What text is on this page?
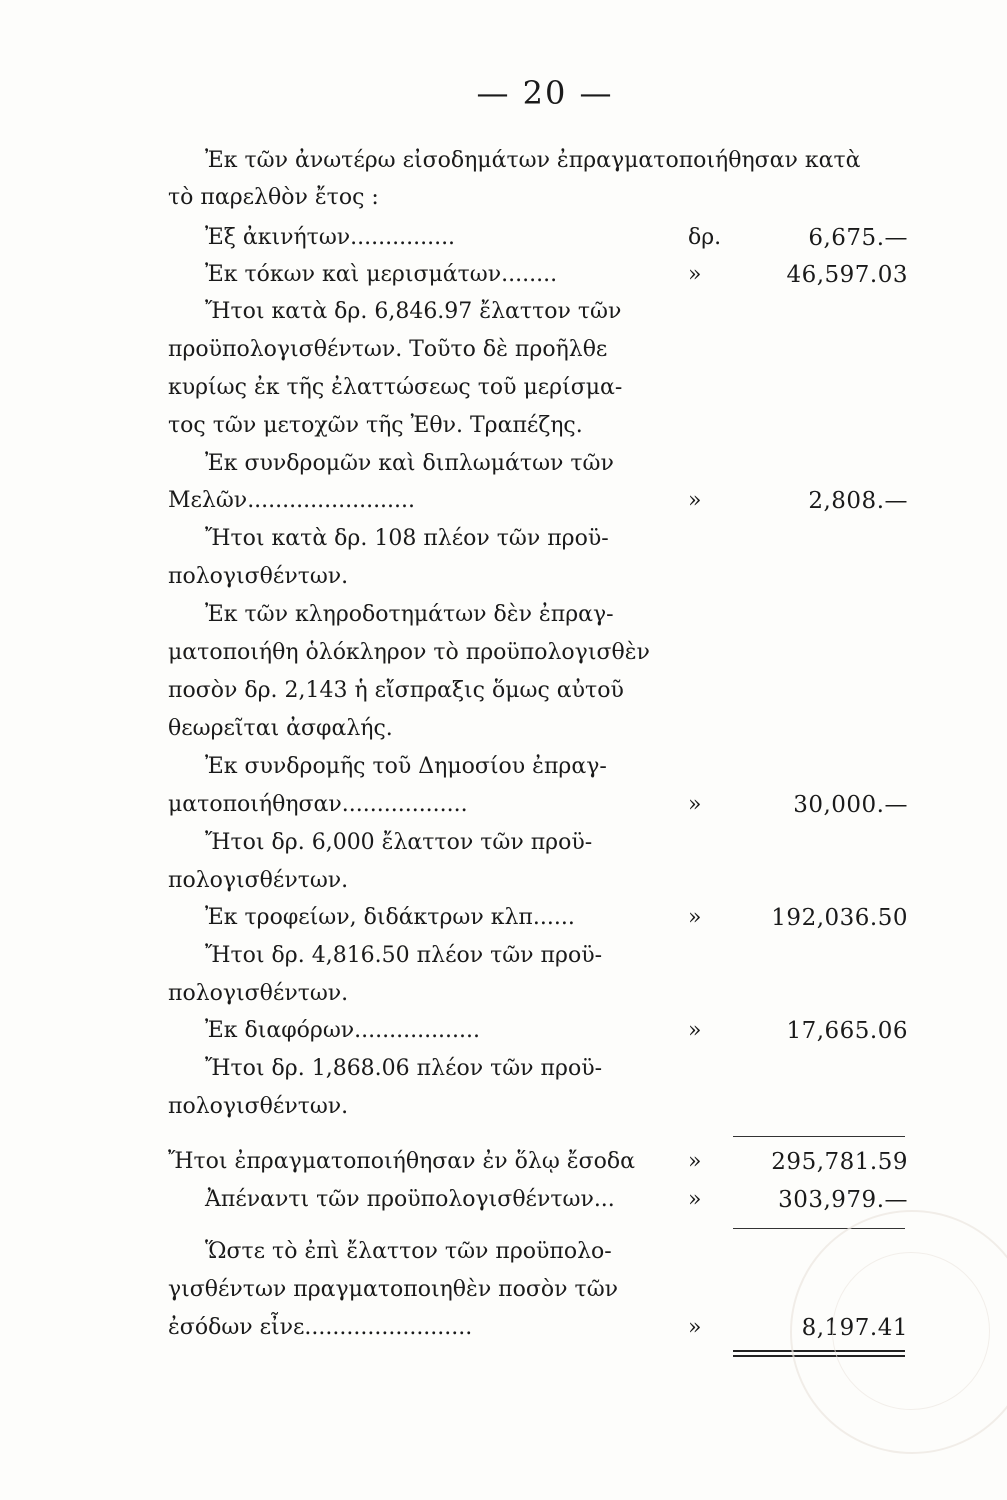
— 20 —
Ἐκ τῶν ἀνωτέρω εἰσοδημάτων ἐπραγματοποιήθησαν κατὰ
τὸ παρελθὸν ἔτος :
Ἐξ ἀκινήτων...............	δρ.	6,675.—
Ἐκ τόκων καὶ μερισμάτων........	»	46,597.03
Ἤτοι κατὰ δρ. 6,846.97 ἔλαττον τῶν
προϋπολογισθέντων. Τοῦτο δὲ προῆλθε
κυρίως ἐκ τῆς ἐλαττώσεως τοῦ μερίσμα-
τος τῶν μετοχῶν τῆς Ἐθν. Τραπέζης.
Ἐκ συνδρομῶν καὶ διπλωμάτων τῶν
Μελῶν........................	»	2,808.—
Ἤτοι κατὰ δρ. 108 πλέον τῶν προϋ-
πολογισθέντων.
Ἐκ τῶν κληροδοτημάτων δὲν ἐπραγ-
ματοποιήθη ὁλόκληρον τὸ προϋπολογισθὲν
ποσὸν δρ. 2,143 ἡ εἴσπραξις ὅμως αὐτοῦ
θεωρεῖται ἀσφαλής.
Ἐκ συνδρομῆς τοῦ Δημοσίου ἐπραγ-
ματοποιήθησαν..................	»	30,000.—
Ἤτοι δρ. 6,000 ἔλαττον τῶν προϋ-
πολογισθέντων.
Ἐκ τροφείων, διδάκτρων κλπ......	»	192,036.50
Ἤτοι δρ. 4,816.50 πλέον τῶν προϋ-
πολογισθέντων.
Ἐκ διαφόρων..................	»	17,665.06
Ἤτοι δρ. 1,868.06 πλέον τῶν προϋ-
πολογισθέντων.
Ἤτοι ἐπραγματοποιήθησαν ἐν ὅλῳ ἔσοδα »	295,781.59
Ἀπέναντι τῶν προϋπολογισθέντων...	»	303,979.—
Ὥστε τὸ ἐπὶ ἔλαττον τῶν προϋπολο-
γισθέντων πραγματοποιηθὲν ποσὸν τῶν
ἐσόδων εἶνε........................	»	8,197.41
